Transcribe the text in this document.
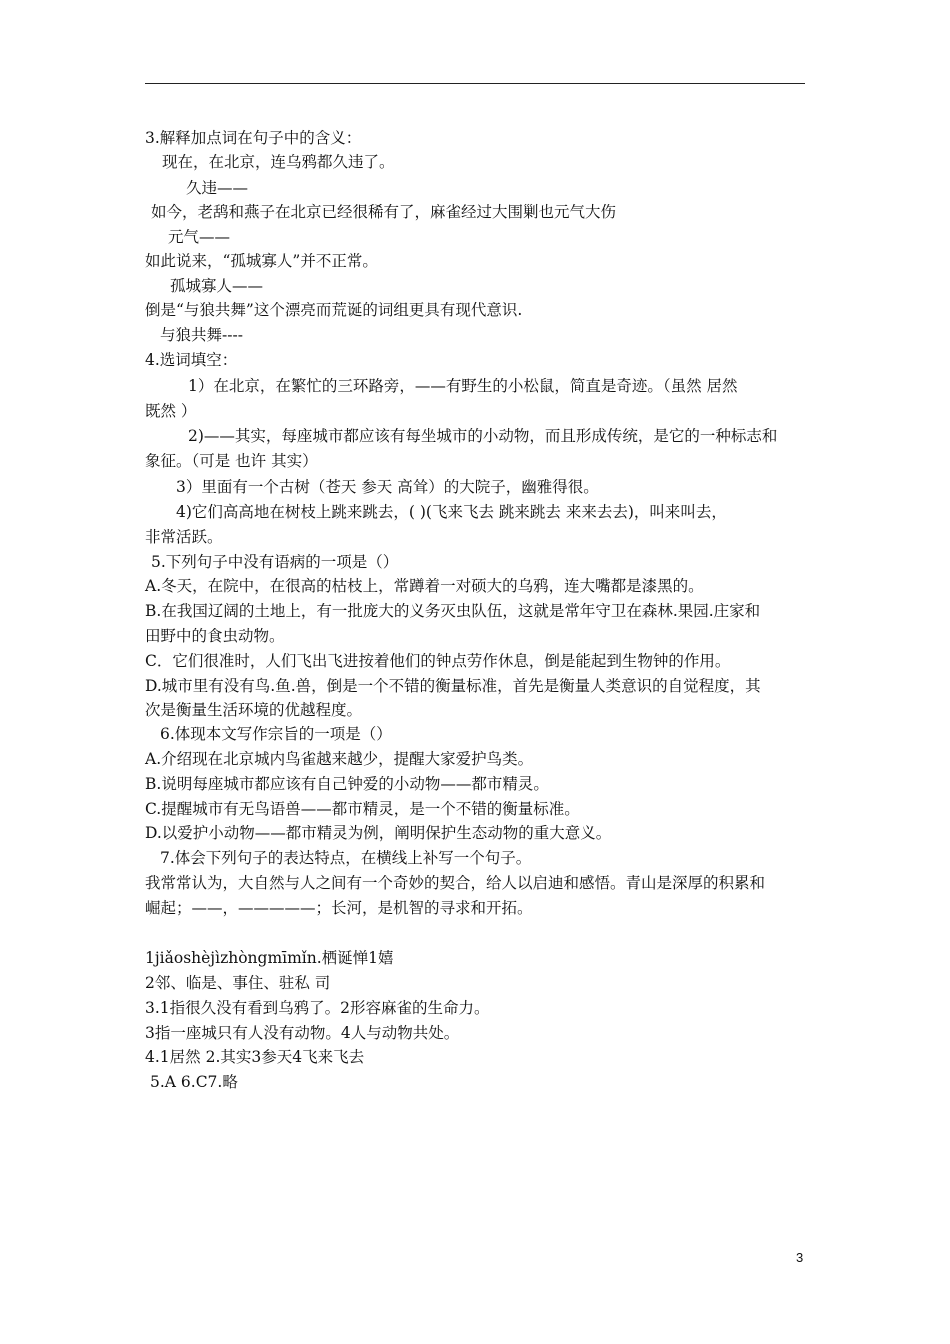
3.解释加点词在句子中的含义：
现在，在北京，连乌鸦都久违了。
久违——
如今，老鸹和燕子在北京已经很稀有了，麻雀经过大围剿也元气大伤
元气——
如此说来，“孤城寡人”并不正常。
孤城寡人——
倒是“与狼共舞”这个漂亮而荒诞的词组更具有现代意识.
与狼共舞----
4.选词填空：
1）在北京，在繁忙的三环路旁，——有野生的小松鼠，简直是奇迹。（虽然 居然
既然 ）
2)——其实，每座城市都应该有每坐城市的小动物，而且形成传统，是它的一种标志和
象征。（可是 也许 其实）
3）里面有一个古树（苍天 参天 高耸）的大院子，幽雅得很。
4)它们高高地在树枝上跳来跳去，( )(飞来飞去 跳来跳去 来来去去)，叫来叫去，
非常活跃。
5.下列句子中没有语病的一项是（）
A.冬天，在院中，在很高的枯枝上，常蹲着一对硕大的乌鸦，连大嘴都是漆黑的。
B.在我国辽阔的土地上，有一批庞大的义务灭虫队伍，这就是常年守卫在森林.果园.庄家和
田野中的食虫动物。
C．它们很准时，人们飞出飞进按着他们的钟点劳作休息，倒是能起到生物钟的作用。
D.城市里有没有鸟.鱼.兽，倒是一个不错的衡量标准，首先是衡量人类意识的自觉程度，其
次是衡量生活环境的优越程度。
6.体现本文写作宗旨的一项是（）
A.介绍现在北京城内鸟雀越来越少，提醒大家爱护鸟类。
B.说明每座城市都应该有自己钟爱的小动物——都市精灵。
C.提醒城市有无鸟语兽——都市精灵，是一个不错的衡量标准。
D.以爱护小动物——都市精灵为例，阐明保护生态动物的重大意义。
7.体会下列句子的表达特点，在横线上补写一个句子。
我常常认为，大自然与人之间有一个奇妙的契合，给人以启迪和感悟。青山是深厚的积累和
崛起；——，—————；长河，是机智的寻求和开拓。
1jiǎoshèjìzhòngmīmǐn.栖诞惮1嬉
2邻、临是、事住、驻私 司
3.1指很久没有看到乌鸦了。2形容麻雀的生命力。
3指一座城只有人没有动物。4人与动物共处。
4.1居然 2.其实3参天4飞来飞去
5.A 6.C7.略
3
